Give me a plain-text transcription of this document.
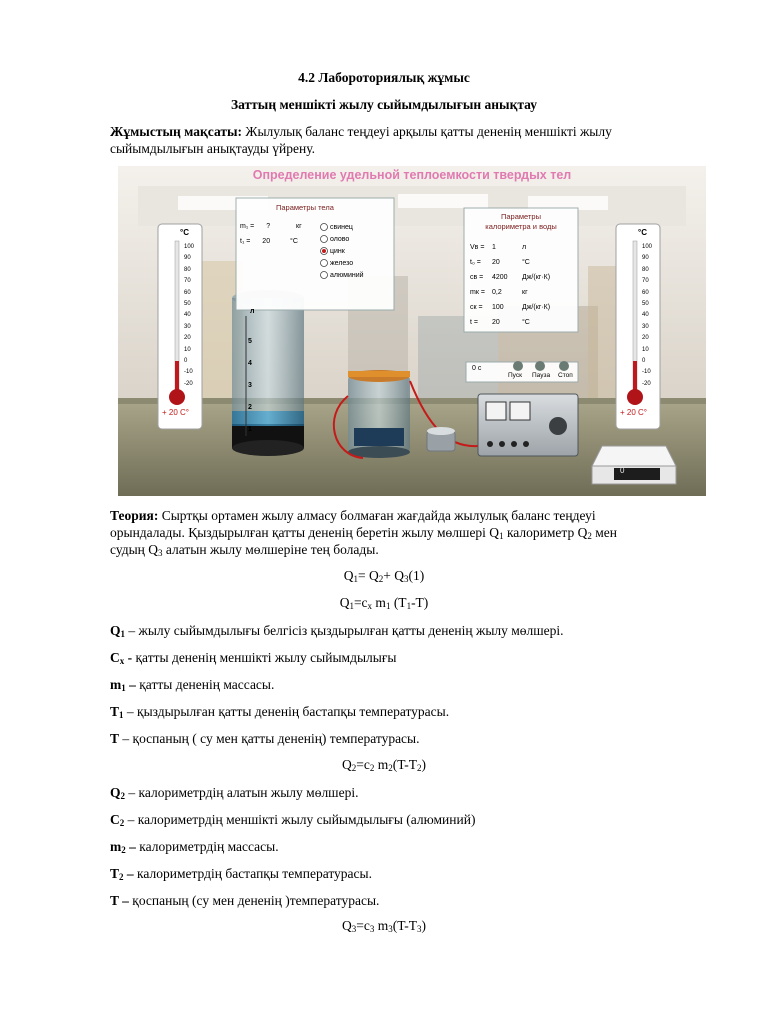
4.2 Лабороториялық жұмыс
Заттың меншікті жылу сыйымдылығын анықтау
Жұмыстың мақсаты: Жылулық баланс теңдеуі арқылы қатты дененің меншікті жылу
сыйымдылығын анықтауды үйрену.
Определение удельной теплоемкости твердых тел
Параметры тела
m₁ = ?	кг
t₁ = 20	°C
свинец
олово
цинк
железо
алюминий
Параметры
калориметра и воды
Vв = 1	л
t₀ = 20	°C
cв = 4200 Дж/(кг·К)
mк = 0,2	кг
cк = 100	Дж/(кг·К)
t = 20	°C
0 с
Пуск Пауза Стоп
°C
100
90
80
70
60
50
40
30
20
10
0
-10
-20
+ 20 C°
°C
100
90
80
70
60
50
40
30
20
10
0
-10
-20
+ 20 C°
л
5
4
3
2
1
0
Теория: Сыртқы ортамен жылу алмасу болмаған жағдайда жылулық баланс теңдеуі
орындалады. Қыздырылған қатты дененің беретін жылу мөлшері $Q_1$ калориметр $Q_2$ мен
судың $Q_3$ алатын жылу мөлшеріне тең болады.
$Q_1= Q_2+ Q_3(1)$
$Q_1=c_x$ $m_1$ $(T_1-T)$
$Q_1$ – жылу сыйымдылығы белгісіз қыздырылған қатты дененің жылу мөлшері.
$C_x$ - қатты дененің меншікті жылу сыйымдылығы
$m_1$ – қатты дененің массасы.
$T_1$ – қыздырылған қатты дененің бастапқы температурасы.
T – қоспаның ( су мен қатты дененің) температурасы.
$Q_2=c_2$ $m_2(T-T_2)$
$Q_2$ – калориметрдің алатын жылу мөлшері.
$C_2$ – калориметрдің меншікті жылу сыйымдылығы (алюминий)
$m_2$ – калориметрдің массасы.
$T_2$ – калориметрдің бастапқы температурасы.
T – қоспаның (су мен дененің )температурасы.
$Q_3=c_3$ $m_3(T-T_3)$
